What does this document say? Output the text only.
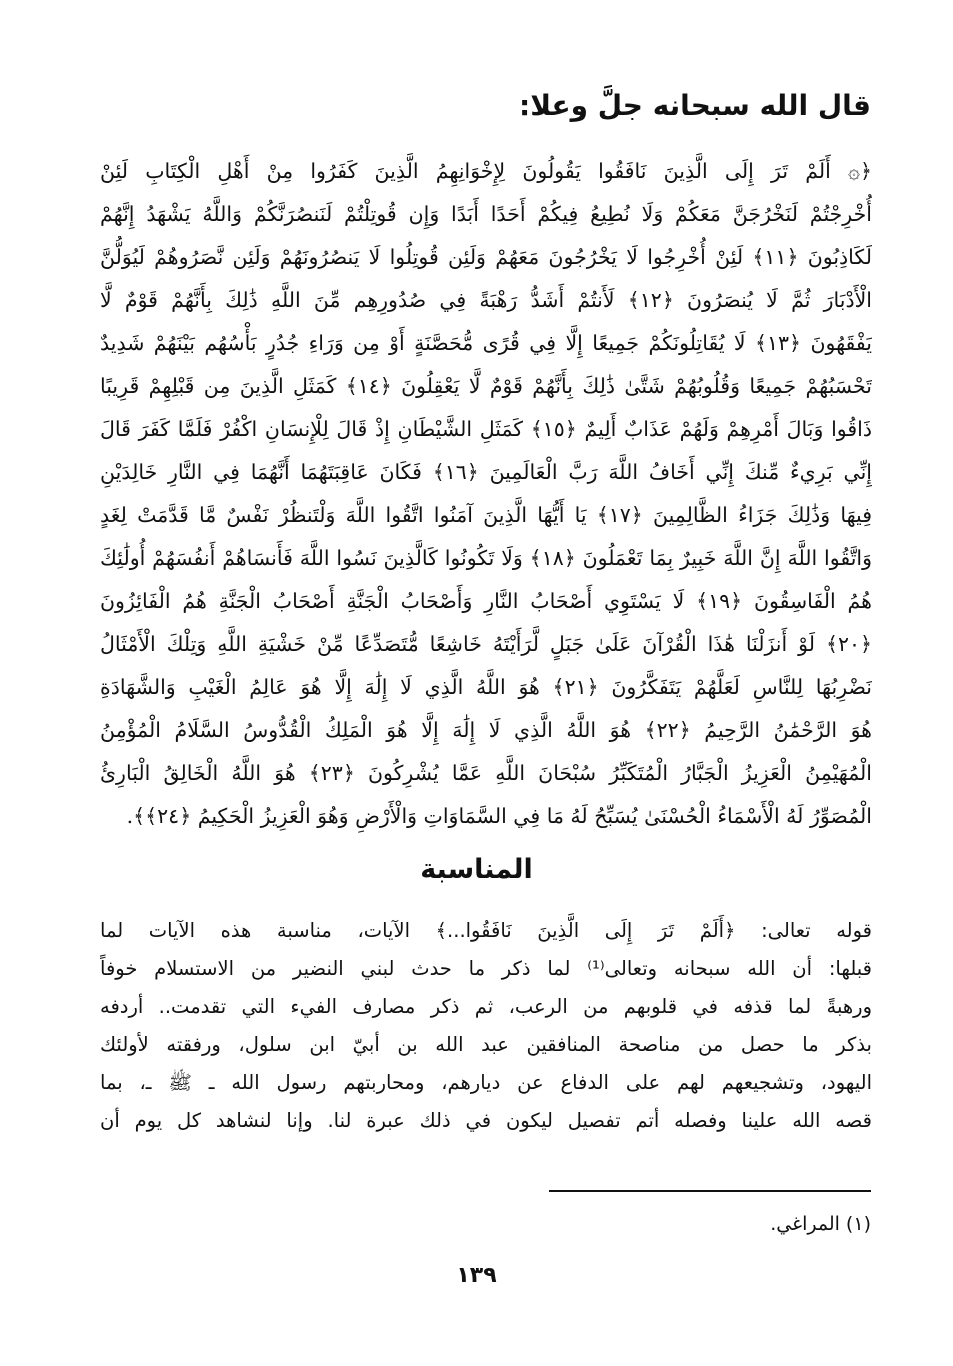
قال الله سبحانه جلَّ وعلا:
﴿۞ أَلَمْ تَرَ إِلَى الَّذِينَ نَافَقُوا يَقُولُونَ لِإِخْوَانِهِمُ الَّذِينَ كَفَرُوا مِنْ أَهْلِ الْكِتَابِ لَئِنْ
أُخْرِجْتُمْ لَنَخْرُجَنَّ مَعَكُمْ وَلَا نُطِيعُ فِيكُمْ أَحَدًا أَبَدًا وَإِن قُوتِلْتُمْ لَنَنصُرَنَّكُمْ وَاللَّهُ يَشْهَدُ إِنَّهُمْ
لَكَاذِبُونَ ﴿١١﴾ لَئِنْ أُخْرِجُوا لَا يَخْرُجُونَ مَعَهُمْ وَلَئِن قُوتِلُوا لَا يَنصُرُونَهُمْ وَلَئِن نَّصَرُوهُمْ لَيُوَلُّنَّ
الْأَدْبَارَ ثُمَّ لَا يُنصَرُونَ ﴿١٢﴾ لَأَنتُمْ أَشَدُّ رَهْبَةً فِي صُدُورِهِم مِّنَ اللَّهِ ذَٰلِكَ بِأَنَّهُمْ قَوْمٌ لَّا
يَفْقَهُونَ ﴿١٣﴾ لَا يُقَاتِلُونَكُمْ جَمِيعًا إِلَّا فِي قُرًى مُّحَصَّنَةٍ أَوْ مِن وَرَاءِ جُدُرٍ بَأْسُهُم بَيْنَهُمْ شَدِيدٌ
تَحْسَبُهُمْ جَمِيعًا وَقُلُوبُهُمْ شَتَّىٰ ذَٰلِكَ بِأَنَّهُمْ قَوْمٌ لَّا يَعْقِلُونَ ﴿١٤﴾ كَمَثَلِ الَّذِينَ مِن قَبْلِهِمْ قَرِيبًا
ذَاقُوا وَبَالَ أَمْرِهِمْ وَلَهُمْ عَذَابٌ أَلِيمٌ ﴿١٥﴾ كَمَثَلِ الشَّيْطَانِ إِذْ قَالَ لِلْإِنسَانِ اكْفُرْ فَلَمَّا كَفَرَ قَالَ
إِنِّي بَرِيءٌ مِّنكَ إِنِّي أَخَافُ اللَّهَ رَبَّ الْعَالَمِينَ ﴿١٦﴾ فَكَانَ عَاقِبَتَهُمَا أَنَّهُمَا فِي النَّارِ خَالِدَيْنِ
فِيهَا وَذَٰلِكَ جَزَاءُ الظَّالِمِينَ ﴿١٧﴾ يَا أَيُّهَا الَّذِينَ آمَنُوا اتَّقُوا اللَّهَ وَلْتَنظُرْ نَفْسٌ مَّا قَدَّمَتْ لِغَدٍ
وَاتَّقُوا اللَّهَ إِنَّ اللَّهَ خَبِيرٌ بِمَا تَعْمَلُونَ ﴿١٨﴾ وَلَا تَكُونُوا كَالَّذِينَ نَسُوا اللَّهَ فَأَنسَاهُمْ أَنفُسَهُمْ أُولَٰئِكَ
هُمُ الْفَاسِقُونَ ﴿١٩﴾ لَا يَسْتَوِي أَصْحَابُ النَّارِ وَأَصْحَابُ الْجَنَّةِ أَصْحَابُ الْجَنَّةِ هُمُ الْفَائِزُونَ
﴿٢٠﴾ لَوْ أَنزَلْنَا هَٰذَا الْقُرْآنَ عَلَىٰ جَبَلٍ لَّرَأَيْتَهُ خَاشِعًا مُّتَصَدِّعًا مِّنْ خَشْيَةِ اللَّهِ وَتِلْكَ الْأَمْثَالُ
نَضْرِبُهَا لِلنَّاسِ لَعَلَّهُمْ يَتَفَكَّرُونَ ﴿٢١﴾ هُوَ اللَّهُ الَّذِي لَا إِلَٰهَ إِلَّا هُوَ عَالِمُ الْغَيْبِ وَالشَّهَادَةِ
هُوَ الرَّحْمَٰنُ الرَّحِيمُ ﴿٢٢﴾ هُوَ اللَّهُ الَّذِي لَا إِلَٰهَ إِلَّا هُوَ الْمَلِكُ الْقُدُّوسُ السَّلَامُ الْمُؤْمِنُ
الْمُهَيْمِنُ الْعَزِيزُ الْجَبَّارُ الْمُتَكَبِّرُ سُبْحَانَ اللَّهِ عَمَّا يُشْرِكُونَ ﴿٢٣﴾ هُوَ اللَّهُ الْخَالِقُ الْبَارِئُ
الْمُصَوِّرُ لَهُ الْأَسْمَاءُ الْحُسْنَىٰ يُسَبِّحُ لَهُ مَا فِي السَّمَاوَاتِ وَالْأَرْضِ وَهُوَ الْعَزِيزُ الْحَكِيمُ ﴿٢٤﴾﴾.
المناسبة
قوله تعالى: ﴿أَلَمْ تَرَ إِلَى الَّذِينَ نَافَقُوا...﴾ الآيات، مناسبة هذه الآيات لما
قبلها: أن الله سبحانه وتعالى⁽¹⁾ لما ذكر ما حدث لبني النضير من الاستسلام خوفاً
ورهبةً لما قذفه في قلوبهم من الرعب، ثم ذكر مصارف الفيء التي تقدمت.. أردفه
بذكر ما حصل من مناصحة المنافقين عبد الله بن أبيّ ابن سلول، ورفقته لأولئك
اليهود، وتشجيعهم لهم على الدفاع عن ديارهم، ومحاربتهم رسول الله ـ ﷺ ـ، بما
قصه الله علينا وفصله أتم تفصيل ليكون في ذلك عبرة لنا. وإنا لنشاهد كل يوم أن
(١) المراغي.
١٣٩
